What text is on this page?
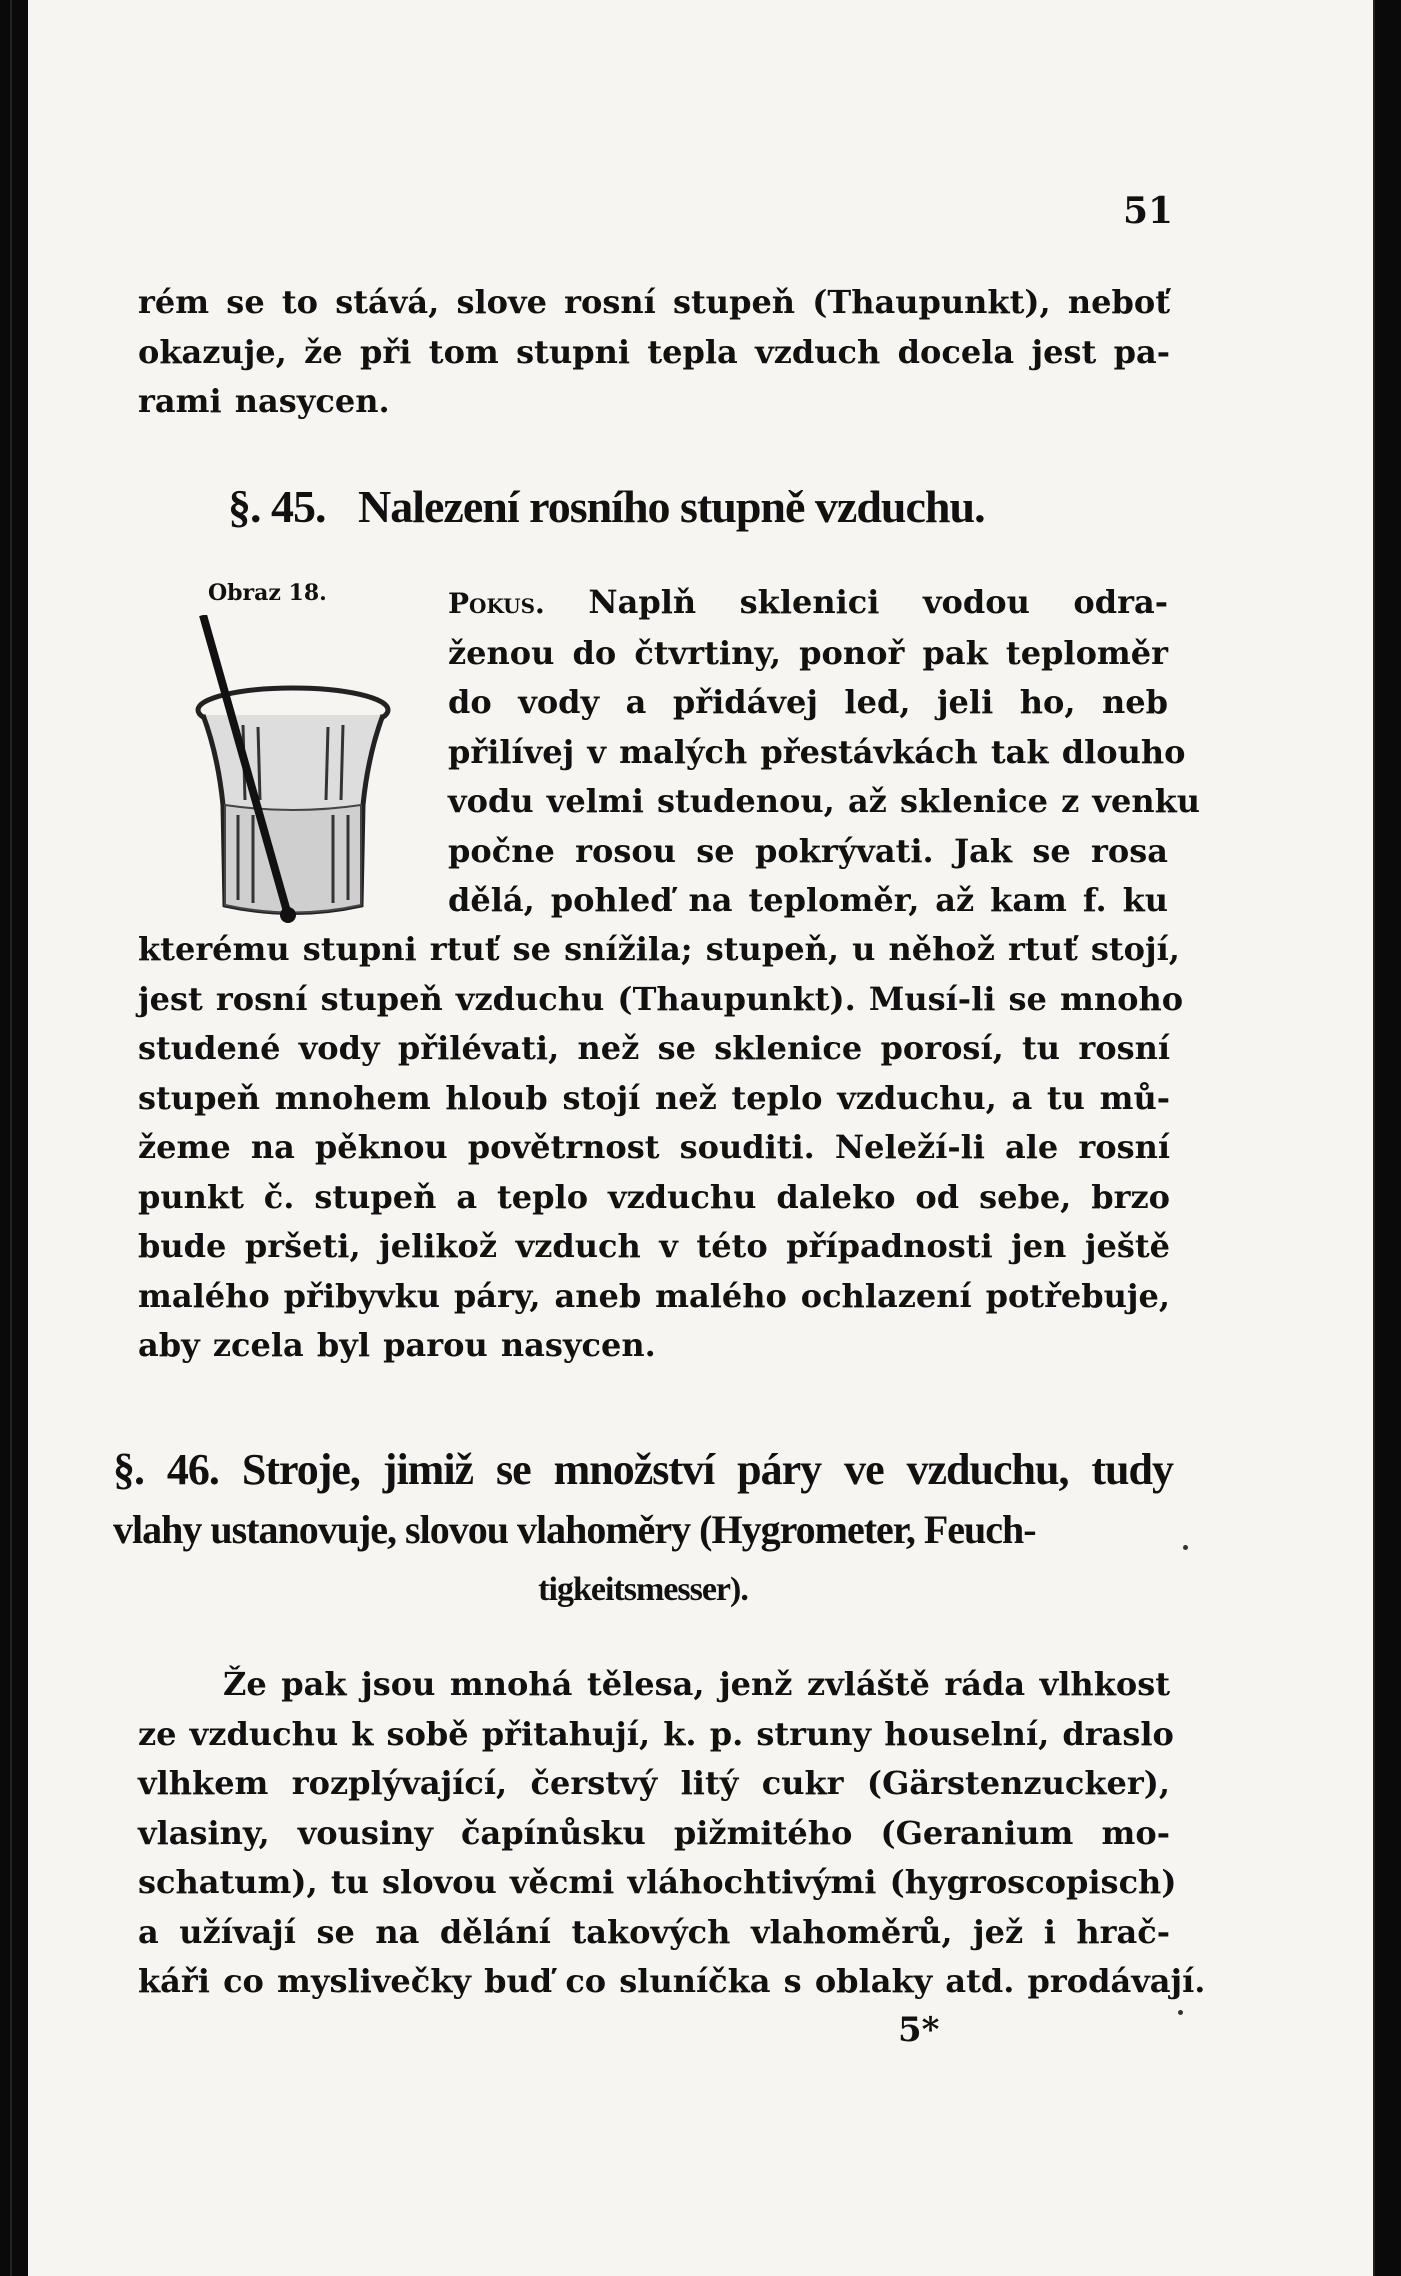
51
rém se to stává, slove rosní stupeň (Thaupunkt), neboť
okazuje, že při tom stupni tepla vzduch docela jest pa-
rami nasycen.
§. 45. Nalezení rosního stupně vzduchu.
Obraz 18.	Pokus. Naplň sklenici vodou odra-
ženou do čtvrtiny, ponoř pak teploměr
do vody a přidávej led, jeli ho, neb
přilívej v malých přestávkách tak dlouho
vodu velmi studenou, až sklenice z venku
počne rosou se pokrývati. Jak se rosa
dělá, pohleď na teploměr, až kam f. ku
kterému stupni rtuť se snížila; stupeň, u něhož rtuť stojí,
jest rosní stupeň vzduchu (Thaupunkt). Musí-li se mnoho
studené vody přilévati, než se sklenice porosí, tu rosní
stupeň mnohem hloub stojí než teplo vzduchu, a tu mů-
žeme na pěknou povětrnost souditi. Neleží-li ale rosní
punkt č. stupeň a teplo vzduchu daleko od sebe, brzo
bude pršeti, jelikož vzduch v této případnosti jen ještě
malého přibyvku páry, aneb malého ochlazení potřebuje,
aby zcela byl parou nasycen.
§. 46. Stroje, jimiž se množství páry ve vzduchu, tudy
vlahy ustanovuje, slovou vlahoměry (Hygrometer, Feuch-
tigkeitsmesser).
Že pak jsou mnohá tělesa, jenž zvláště ráda vlhkost
ze vzduchu k sobě přitahují, k. p. struny houselní, draslo
vlhkem rozplývající, čerstvý litý cukr (Gärstenzucker),
vlasiny, vousiny čapínůsku pižmitého (Geranium mo-
schatum), tu slovou věcmi vláhochtivými (hygroscopisch)
a užívají se na dělání takových vlahoměrů, jež i hrač-
káři co myslivečky buď co sluníčka s oblaky atd. prodávají.
5*
